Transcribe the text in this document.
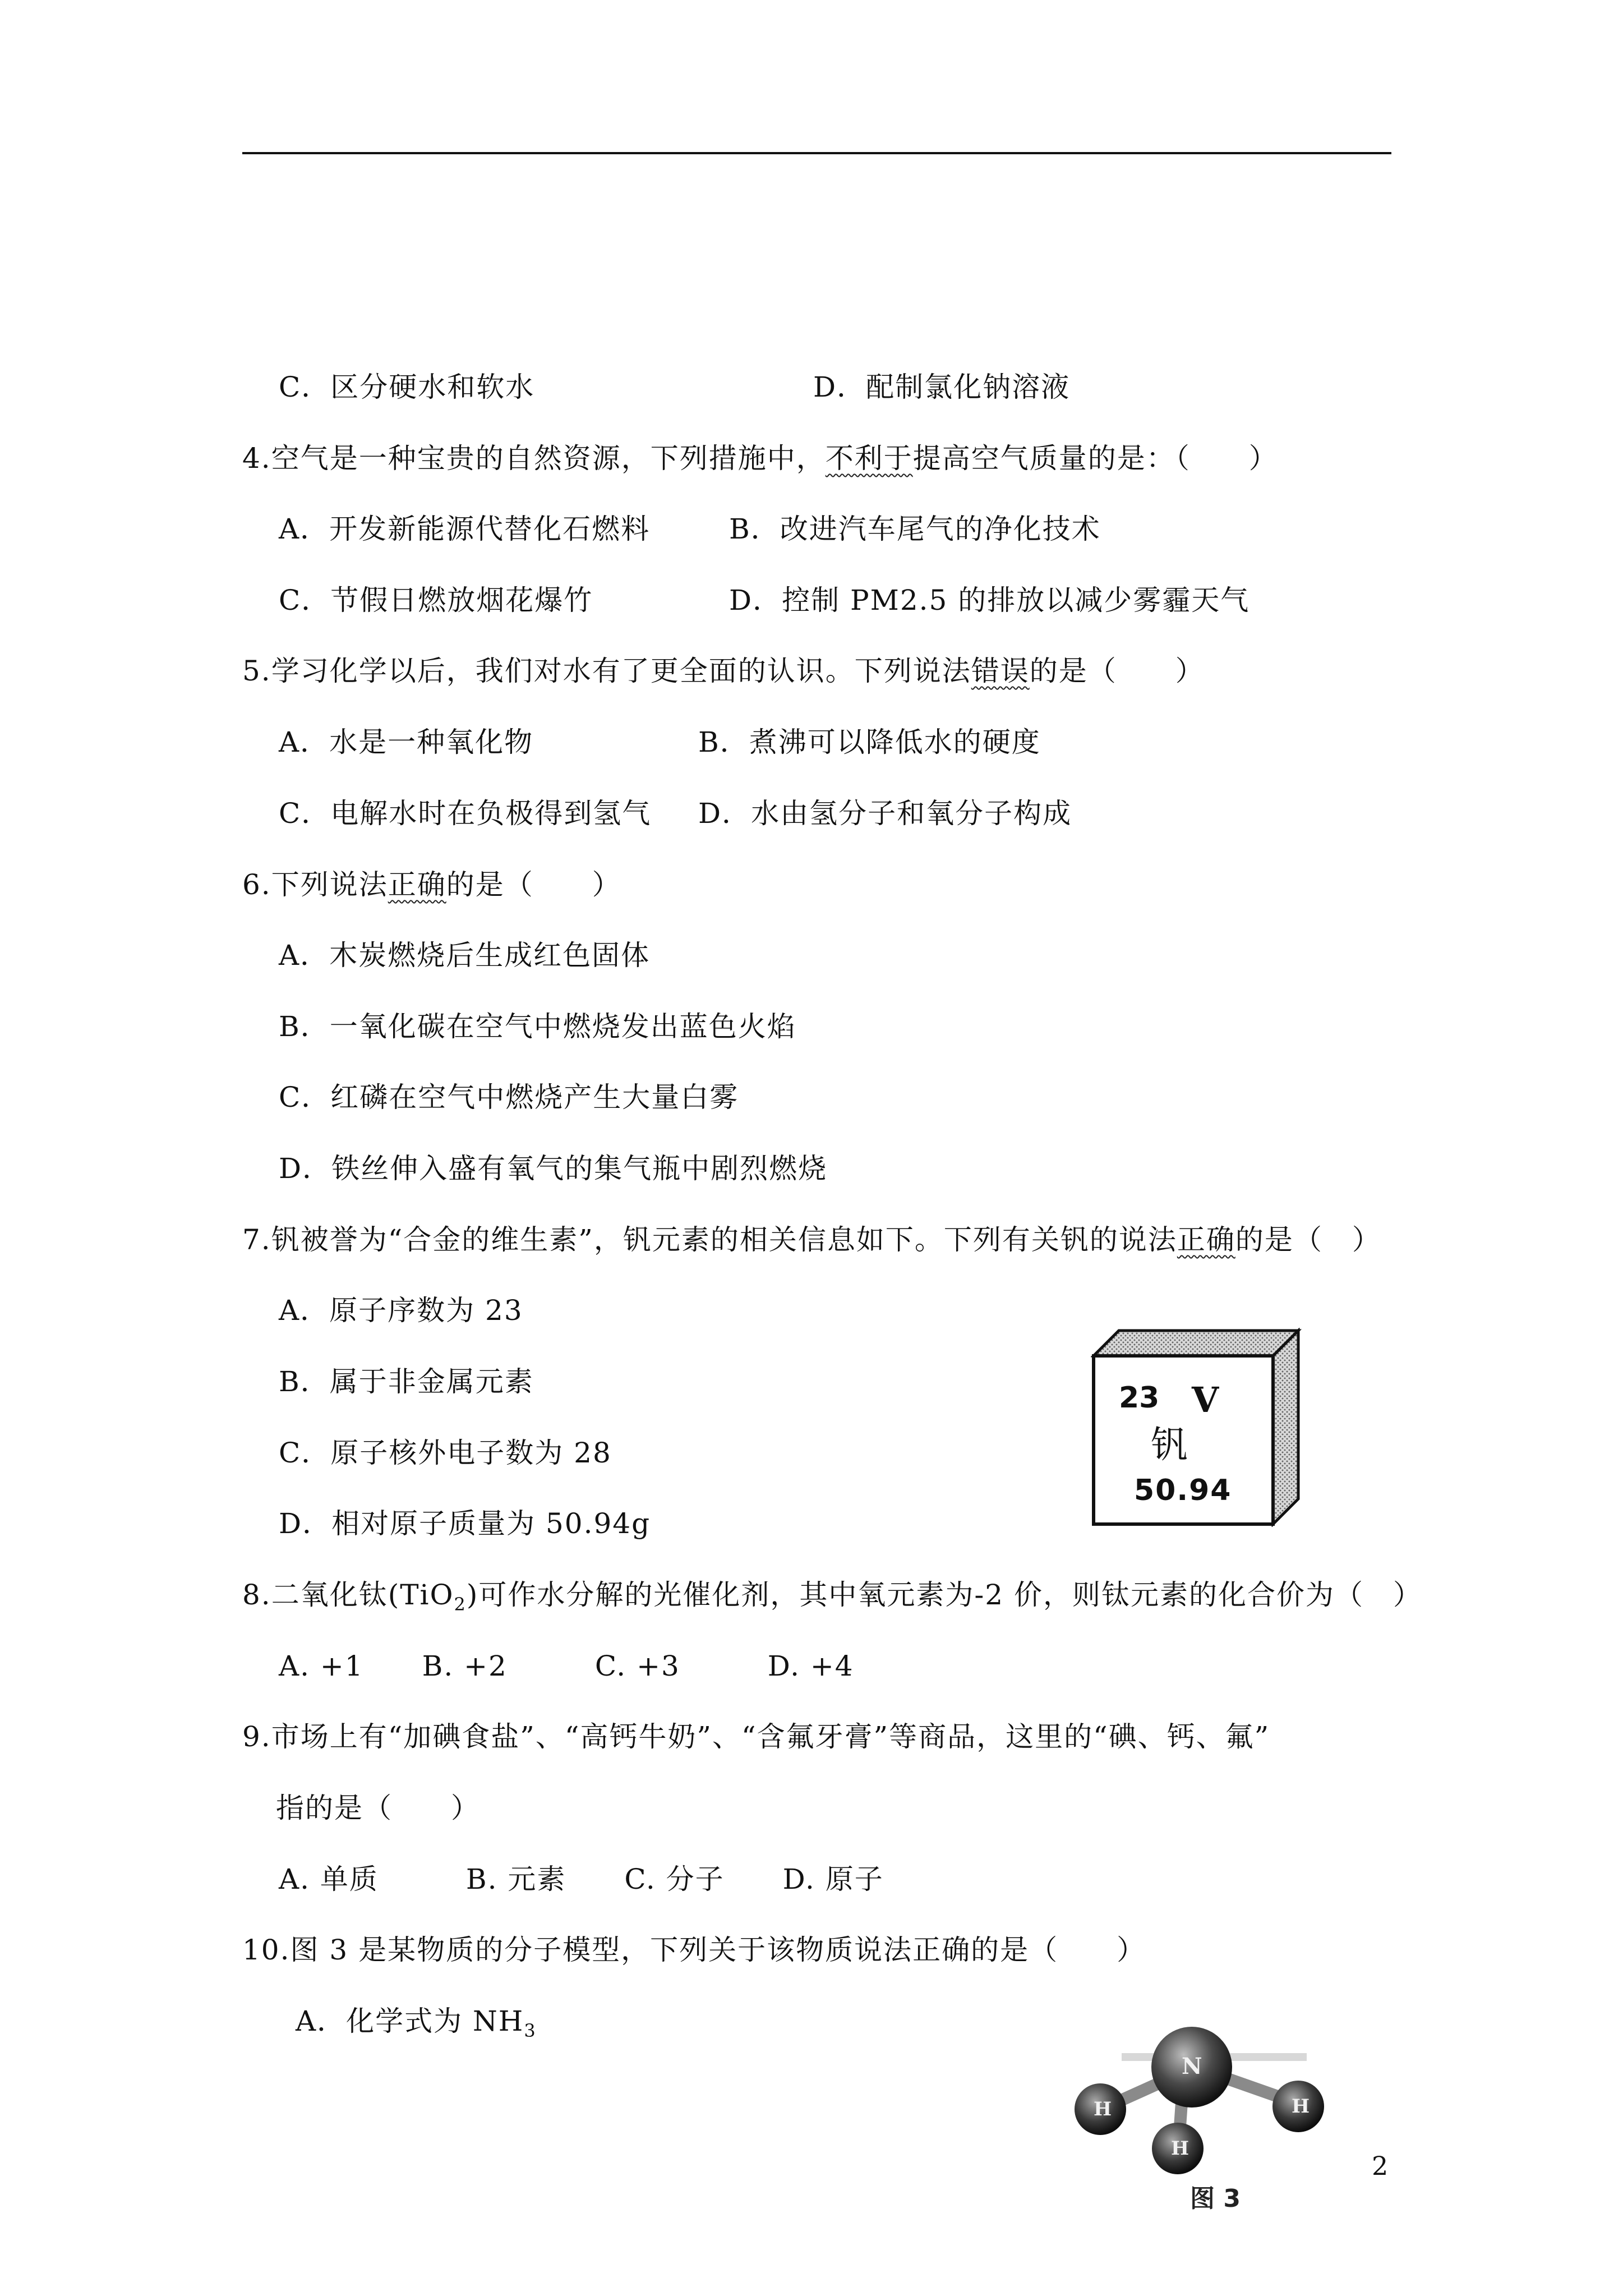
C．区分硬水和软水	D．配制氯化钠溶液
4.空气是一种宝贵的自然资源，下列措施中，不利于提高空气质量的是：（　　）
A．开发新能源代替化石燃料	B．改进汽车尾气的净化技术
C．节假日燃放烟花爆竹	D．控制 PM2.5 的排放以减少雾霾天气
5.学习化学以后，我们对水有了更全面的认识。下列说法错误的是（　　）
A．水是一种氧化物	B．煮沸可以降低水的硬度
C．电解水时在负极得到氢气 D．水由氢分子和氧分子构成
6.下列说法正确的是（　　）
A．木炭燃烧后生成红色固体
B．一氧化碳在空气中燃烧发出蓝色火焰
C．红磷在空气中燃烧产生大量白雾
D．铁丝伸入盛有氧气的集气瓶中剧烈燃烧
7.钒被誉为“合金的维生素”，钒元素的相关信息如下。下列有关钒的说法正确的是（　）
A．原子序数为 23
B．属于非金属元素
C．原子核外电子数为 28
D．相对原子质量为 50.94g
23 V
钒
50.94
8.二氧化钛(TiO$_2$)可作水分解的光催化剂，其中氧元素为-2 价，则钛元素的化合价为（　）
A. +1　　B. +2　　　C. +3　　　D. +4
9.市场上有“加碘食盐”、“高钙牛奶”、“含氟牙膏”等商品，这里的“碘、钙、氟”
指的是（　　）
A. 单质　　　B. 元素　　C. 分子　　D. 原子
10.图 3 是某物质的分子模型，下列关于该物质说法正确的是（　　）
A．化学式为 $NH_3$
N
H	H
H
图 3
2
